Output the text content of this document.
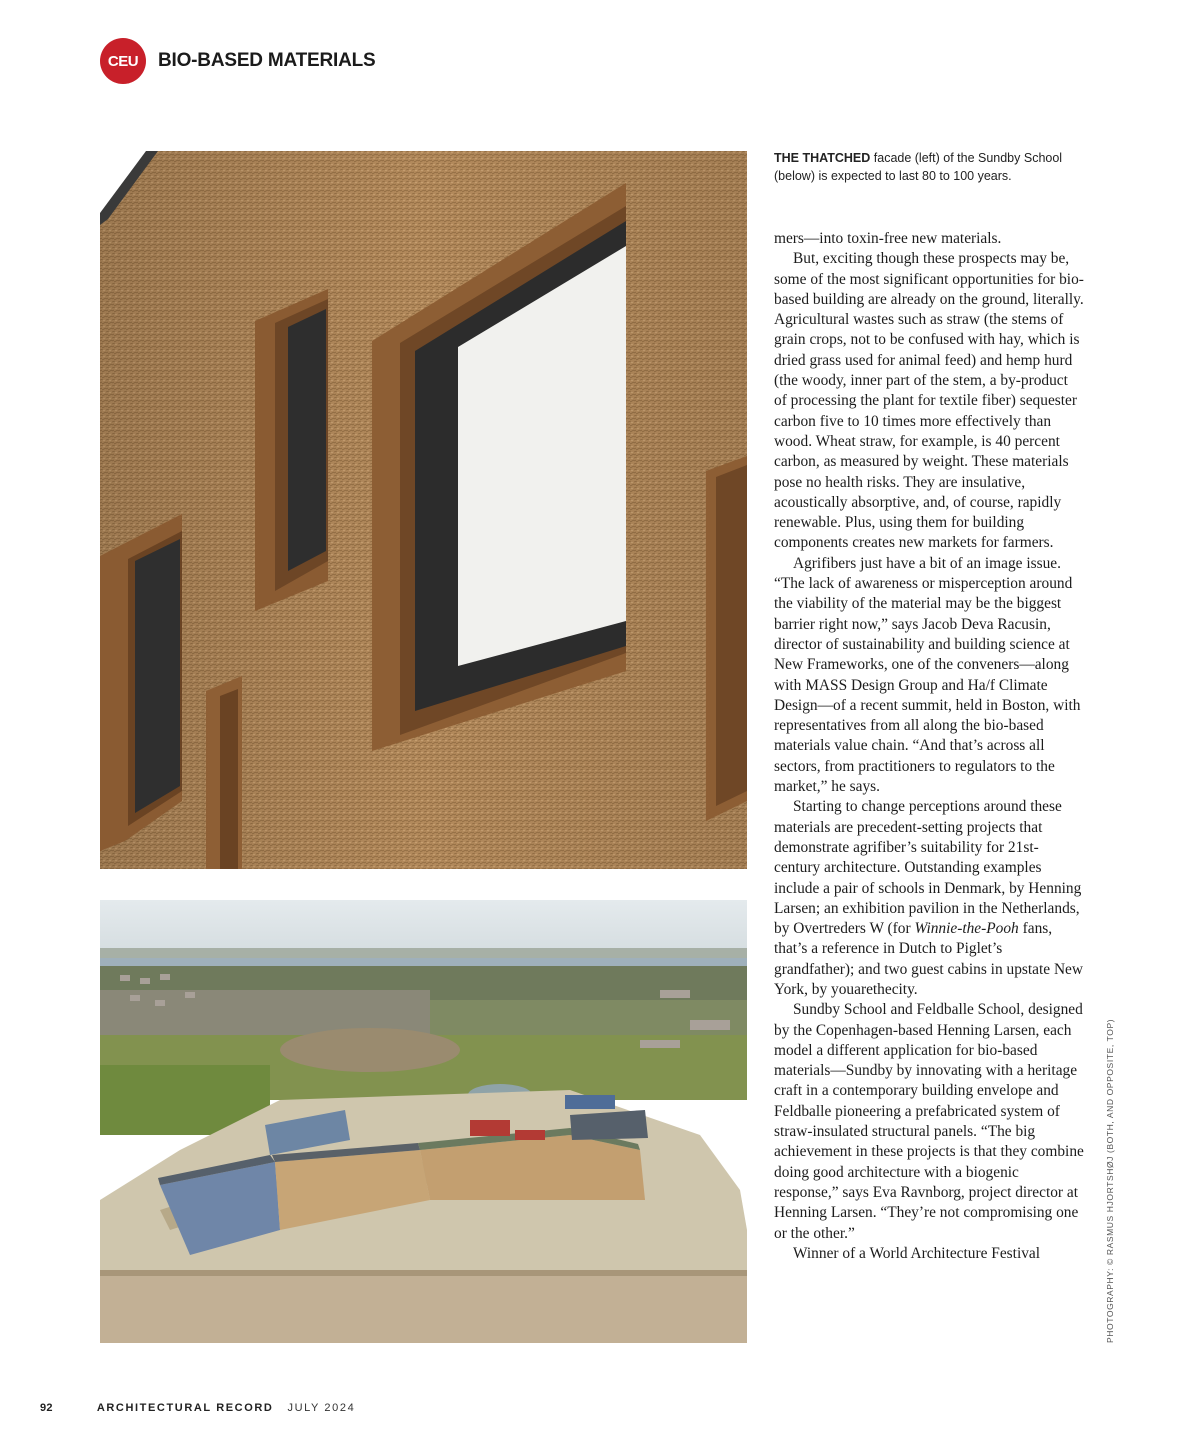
CEU	BIO-BASED MATERIALS
THE THATCHED facade (left) of the Sundby School (below) is expected to last 80 to 100 years.

mers—into toxin-free new materials.

But, exciting though these prospects may be, some of the most significant opportunities for bio-based building are already on the ground, literally. Agricultural wastes such as straw (the stems of grain crops, not to be confused with hay, which is dried grass used for animal feed) and hemp hurd (the woody, inner part of the stem, a by-product of processing the plant for textile fiber) sequester carbon five to 10 times more effectively than wood. Wheat straw, for example, is 40 percent carbon, as measured by weight. These materials pose no health risks. They are insulative, acoustically absorptive, and, of course, rapidly renewable. Plus, using them for building components creates new markets for farmers.

Agrifibers just have a bit of an image issue. “The lack of awareness or misperception around the viability of the material may be the biggest barrier right now,” says Jacob Deva Racusin, director of sustainability and building science at New Frameworks, one of the conveners—along with MASS Design Group and Ha/f Climate Design—of a recent summit, held in Boston, with representatives from all along the bio-based materials value chain. “And that’s across all sectors, from practitioners to regulators to the market,” he says.

Starting to change perceptions around these materials are precedent-setting projects that demonstrate agrifiber’s suitability for 21st-century architecture. Outstanding examples include a pair of schools in Denmark, by Henning Larsen; an exhibition pavilion in the Netherlands, by Overtreders W (for Winnie-the-Pooh fans, that’s a reference in Dutch to Piglet’s grandfather); and two guest cabins in upstate New York, by youarethecity.

Sundby School and Feldballe School, designed by the Copenhagen-based Henning Larsen, each model a different application for bio-based materials—Sundby by innovating with a heritage craft in a contemporary building envelope and Feldballe pioneering a prefabricated system of straw-insulated structural panels. “The big achievement in these projects is that they combine doing good architecture with a biogenic response,” says Eva Ravnborg, project director at Henning Larsen. “They’re not compromising one or the other.”

Winner of a World Architecture Festival	PHOTOGRAPHY: © RASMUS HJORTSHØJ (BOTH, AND OPPOSITE, TOP)
92	ARCHITECTURAL RECORD JULY 2024
